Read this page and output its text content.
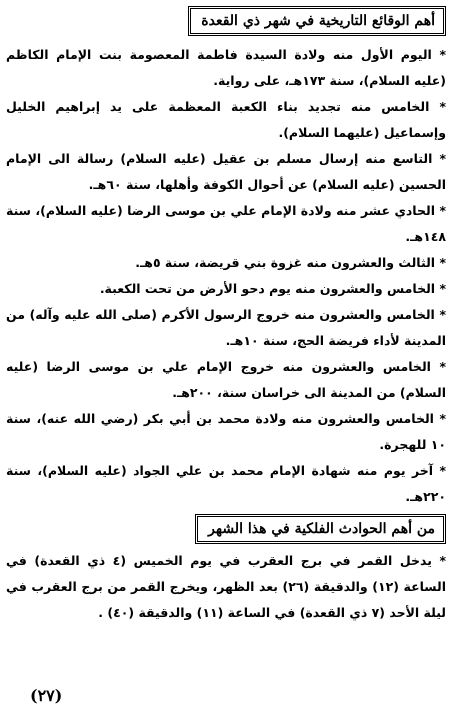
أهم الوقائع التاريخية في شهر ذي القعدة
* اليوم الأول منه ولادة السيدة فاطمة المعصومة بنت الإمام الكاظم (عليه السلام)، سنة ١٧٣هـ، على رواية.
* الخامس منه تجديد بناء الكعبة المعظمة على يد إبراهيم الخليل وإسماعيل (عليهما السلام).
* التاسع منه إرسال مسلم بن عقيل (عليه السلام) رسالة الى الإمام الحسين (عليه السلام) عن أحوال الكوفة وأهلها، سنة ٦٠هـ.
* الحادي عشر منه ولادة الإمام علي بن موسى الرضا (عليه السلام)، سنة ١٤٨هـ.
* الثالث والعشرون منه غزوة بني قريضة، سنة ٥هـ.
* الخامس والعشرون منه يوم دحو الأرض من تحت الكعبة.
* الخامس والعشرون منه خروج الرسول الأكرم (صلى الله عليه وآله) من المدينة لأداء فريضة الحج، سنة ١٠هـ.
* الخامس والعشرون منه خروج الإمام علي بن موسى الرضا (عليه السلام) من المدينة الى خراسان سنة، ٢٠٠هـ.
* الخامس والعشرون منه ولادة محمد بن أبي بكر (رضي الله عنه)، سنة ١٠ للهجرة.
* آخر يوم منه شهادة الإمام محمد بن علي الجواد (عليه السلام)، سنة ٢٢٠هـ.
من أهم الحوادث الفلكية في هذا الشهر
* يدخل القمر في برج العقرب في يوم الخميس (٤ ذي القعدة) في الساعة (١٢) والدقيقة (٢٦) بعد الظهر، ويخرج القمر من برج العقرب في ليلة الأحد (٧ ذي القعدة) في الساعة (١١) والدقيقة (٤٠) .
(٢٧)
